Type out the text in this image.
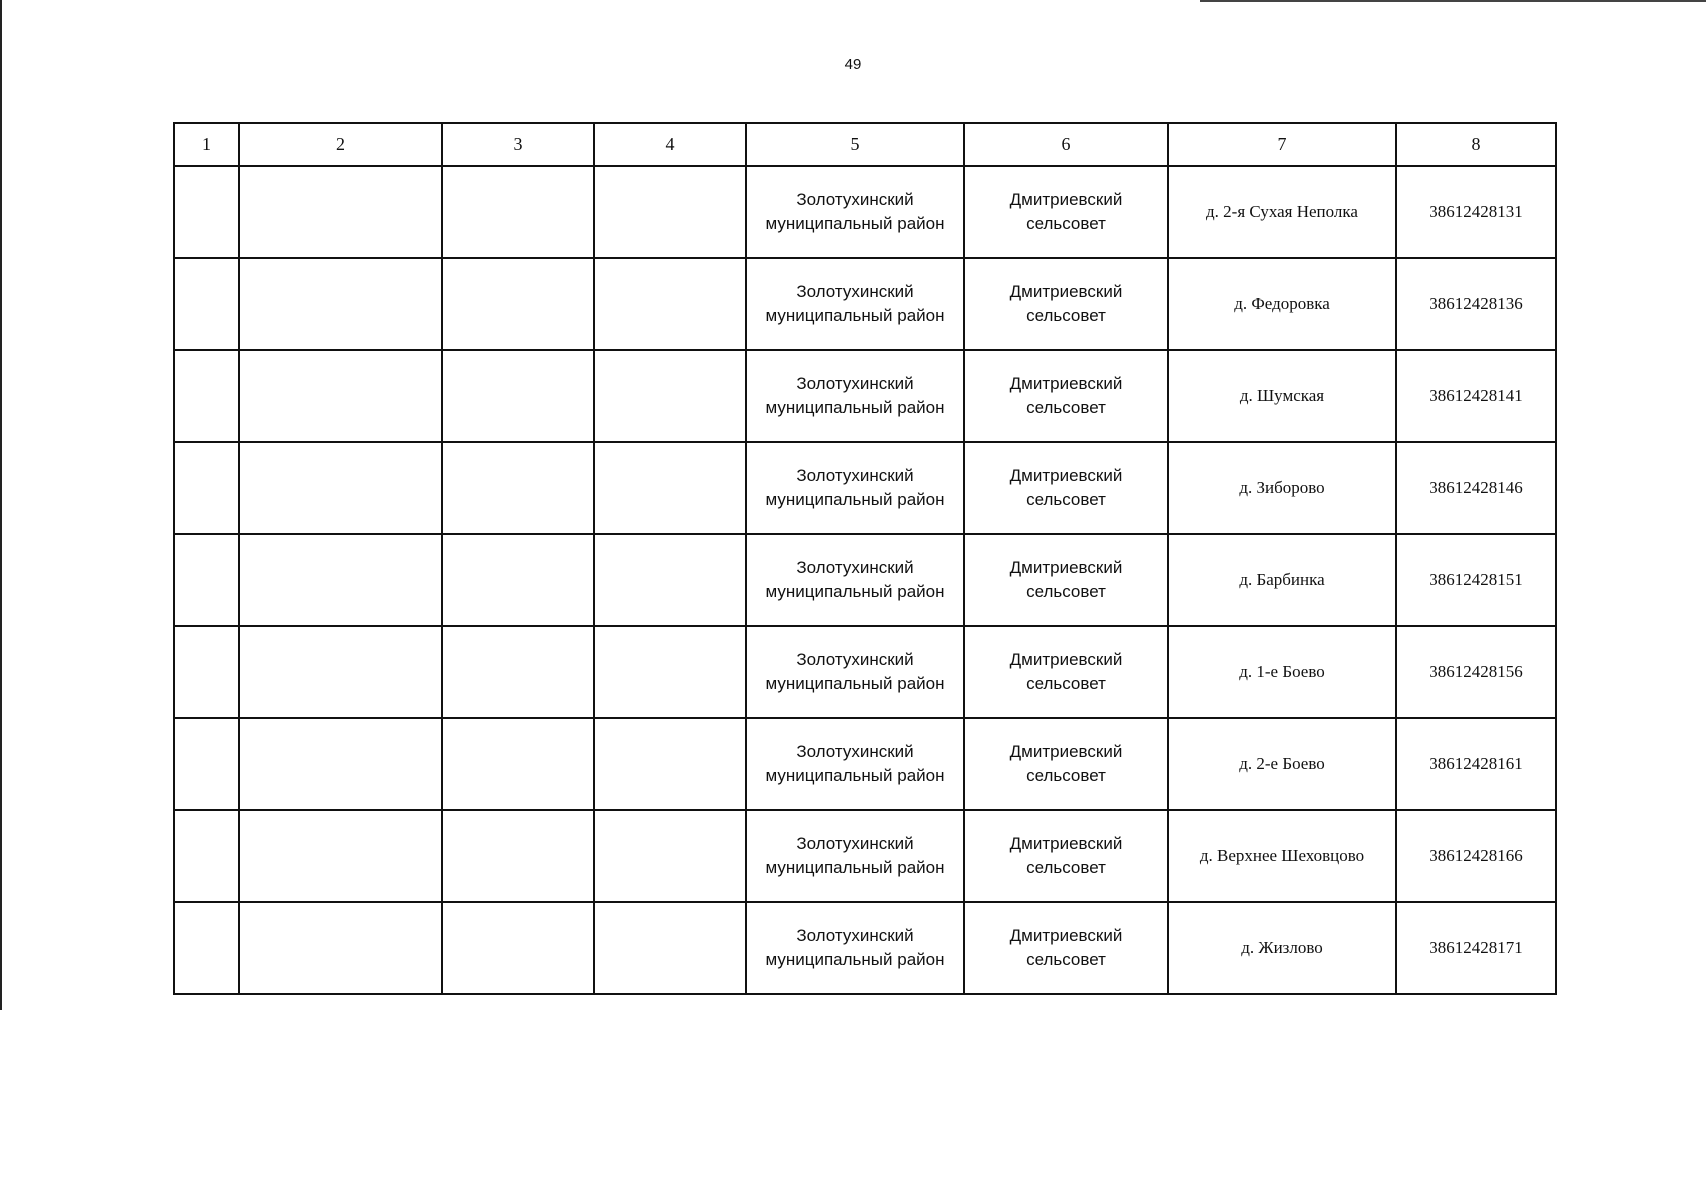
49
1	2	3	4	5	6	7	8
				Золотухинский муниципальный район	Дмитриевский сельсовет	д. 2-я Сухая Неполка	38612428131
				Золотухинский муниципальный район	Дмитриевский сельсовет	д. Федоровка	38612428136
				Золотухинский муниципальный район	Дмитриевский сельсовет	д. Шумская	38612428141
				Золотухинский муниципальный район	Дмитриевский сельсовет	д. Зиборово	38612428146
				Золотухинский муниципальный район	Дмитриевский сельсовет	д. Барбинка	38612428151
				Золотухинский муниципальный район	Дмитриевский сельсовет	д. 1-е Боево	38612428156
				Золотухинский муниципальный район	Дмитриевский сельсовет	д. 2-е Боево	38612428161
				Золотухинский муниципальный район	Дмитриевский сельсовет	д. Верхнее Шеховцово	38612428166
				Золотухинский муниципальный район	Дмитриевский сельсовет	д. Жизлово	38612428171
